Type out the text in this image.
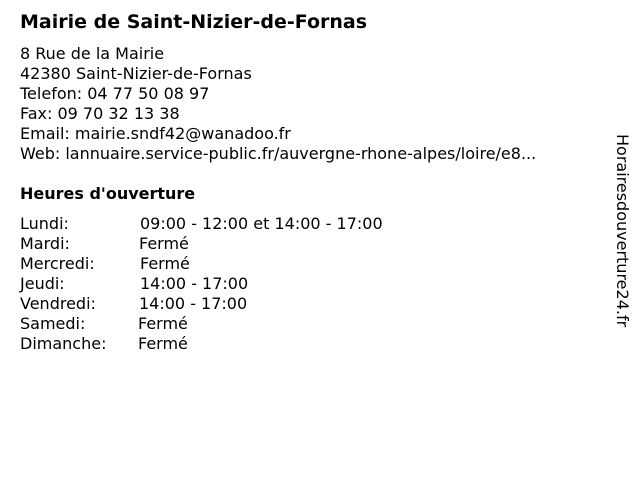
Mairie de Saint-Nizier-de-Fornas
8 Rue de la Mairie
42380 Saint-Nizier-de-Fornas
Telefon: 04 77 50 08 97
Fax: 09 70 32 13 38
Email: mairie.sndf42@wanadoo.fr
Web: lannuaire.service-public.fr/auvergne-rhone-alpes/loire/e8...
Heures d'ouverture
Lundi:	09:00 - 12:00 et 14:00 - 17:00
Mardi:	Fermé
Mercredi:	Fermé
Jeudi:	14:00 - 17:00
Vendredi:	14:00 - 17:00
Samedi:	Fermé
Dimanche: Fermé
Horairesdouverture24.fr
